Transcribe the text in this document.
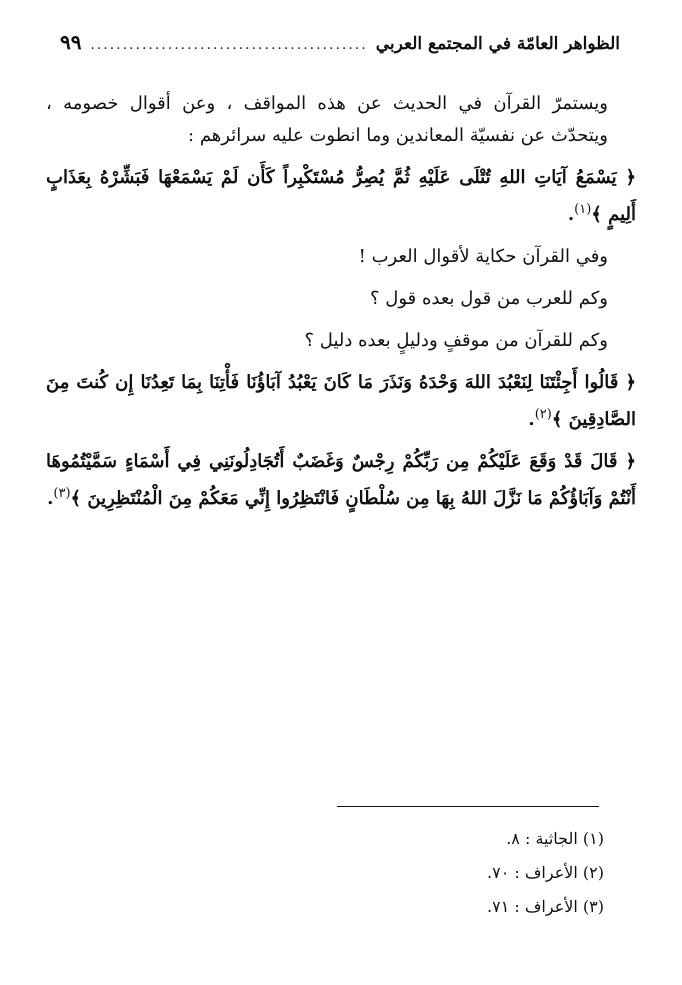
الظواهر العامّة في المجتمع العربي
.....
٩٩

ويستمرّ القرآن في الحديث عن هذه المواقف ، وعن أقوال خصومه ، ويتحدّث عن نفسيّة المعاندين وما انطوت عليه سرائرهم :

﴿ يَسْمَعُ آيَاتِ اللهِ تُتْلَى عَلَيْهِ ثُمَّ يُصِرُّ مُسْتَكْبِراً كَأَن لَمْ يَسْمَعْهَا فَبَشِّرْهُ بِعَذَابٍ أَلِيمٍ ﴾$^{(١)}$.

وفي القرآن حكاية لأقوال العرب !

وكم للعرب من قول بعده قول ؟

وكم للقرآن من موقفٍ ودليلٍ بعده دليل ؟

﴿ قَالُوا أَجِئْتَنَا لِنَعْبُدَ اللهَ وَحْدَهُ وَنَذَرَ مَا كَانَ يَعْبُدُ آبَاؤُنَا فَأْتِنَا بِمَا تَعِدُنَا إِن كُنتَ مِنَ الصَّادِقِينَ ﴾$^{(٢)}$.

﴿ قَالَ قَدْ وَقَعَ عَلَيْكُمْ مِن رَبِّكُمْ رِجْسٌ وَغَضَبٌ أَتُجَادِلُونَنِي فِي أَسْمَاءٍ سَمَّيْتُمُوهَا أَنْتُمْ وَآبَاؤُكُمْ مَا نَزَّلَ اللهُ بِهَا مِن سُلْطَانٍ فَانْتَظِرُوا إِنِّي مَعَكُمْ مِنَ الْمُنْتَظِرِينَ ﴾$^{(٣)}$.

(١) الجاثية : ٨.
(٢) الأعراف : ٧٠.
(٣) الأعراف : ٧١.
